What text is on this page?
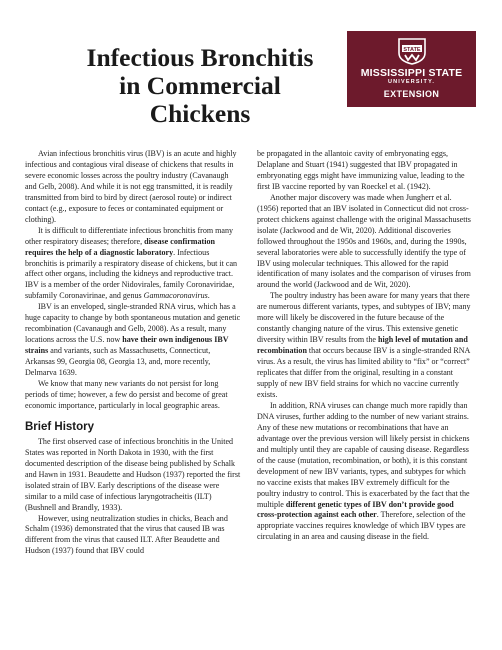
Infectious Bronchitis
in Commercial Chickens
STATE
MISSISSIPPI STATE
UNIVERSITY.
EXTENSION

Avian infectious bronchitis virus (IBV) is an acute and highly infectious and contagious viral disease of chickens that results in severe economic losses across the poultry industry (Cavanaugh and Gelb, 2008). And while it is not egg transmitted, it is readily transmitted from bird to bird by direct (aerosol route) or indirect contact (e.g., exposure to feces or contaminated equipment or clothing).

It is difficult to differentiate infectious bronchitis from many other respiratory diseases; therefore, disease confirmation requires the help of a diagnostic laboratory. Infectious bronchitis is primarily a respiratory disease of chickens, but it can affect other organs, including the kidneys and reproductive tract. IBV is a member of the order Nidovirales, family Coronaviridae, subfamily Coronavirinae, and genus Gammacoronavirus.

IBV is an enveloped, single-stranded RNA virus, which has a huge capacity to change by both spontaneous mutation and genetic recombination (Cavanaugh and Gelb, 2008). As a result, many locations across the U.S. now have their own indigenous IBV strains and variants, such as Massachusetts, Connecticut, Arkansas 99, Georgia 08, Georgia 13, and, more recently, Delmarva 1639.

We know that many new variants do not persist for long periods of time; however, a few do persist and become of great economic importance, particularly in local geographic areas.

Brief History

The first observed case of infectious bronchitis in the United States was reported in North Dakota in 1930, with the first documented description of the disease being published by Schalk and Hawn in 1931. Beaudette and Hudson (1937) reported the first isolated strain of IBV. Early descriptions of the disease were similar to a mild case of infectious laryngotracheitis (ILT) (Bushnell and Brandly, 1933).

However, using neutralization studies in chicks, Beach and Schalm (1936) demonstrated that the virus that caused IB was different from the virus that caused ILT. After Beaudette and Hudson (1937) found that IBV could

be propagated in the allantoic cavity of embryonating eggs, Delaplane and Stuart (1941) suggested that IBV propagated in embryonating eggs might have immunizing value, leading to the first IB vaccine reported by van Roeckel et al. (1942).

Another major discovery was made when Jungherr et al. (1956) reported that an IBV isolated in Connecticut did not cross-protect chickens against challenge with the original Massachusetts isolate (Jackwood and de Wit, 2020). Additional discoveries followed throughout the 1950s and 1960s, and, during the 1990s, several laboratories were able to successfully identify the type of IBV using molecular techniques. This allowed for the rapid identification of many isolates and the comparison of viruses from around the world (Jackwood and de Wit, 2020).

The poultry industry has been aware for many years that there are numerous different variants, types, and subtypes of IBV; many more will likely be discovered in the future because of the constantly changing nature of the virus. This extensive genetic diversity within IBV results from the high level of mutation and recombination that occurs because IBV is a single-stranded RNA virus. As a result, the virus has limited ability to “fix” or “correct” replicates that differ from the original, resulting in a constant supply of new IBV field strains for which no vaccine currently exists.

In addition, RNA viruses can change much more rapidly than DNA viruses, further adding to the number of new variant strains. Any of these new mutations or recombinations that have an advantage over the previous version will likely persist in chickens and multiply until they are capable of causing disease. Regardless of the cause (mutation, recombination, or both), it is this constant development of new IBV variants, types, and subtypes for which no vaccine exists that makes IBV extremely difficult for the poultry industry to control. This is exacerbated by the fact that the multiple different genetic types of IBV don’t provide good cross-protection against each other. Therefore, selection of the appropriate vaccines requires knowledge of which IBV types are circulating in an area and causing disease in the field.
